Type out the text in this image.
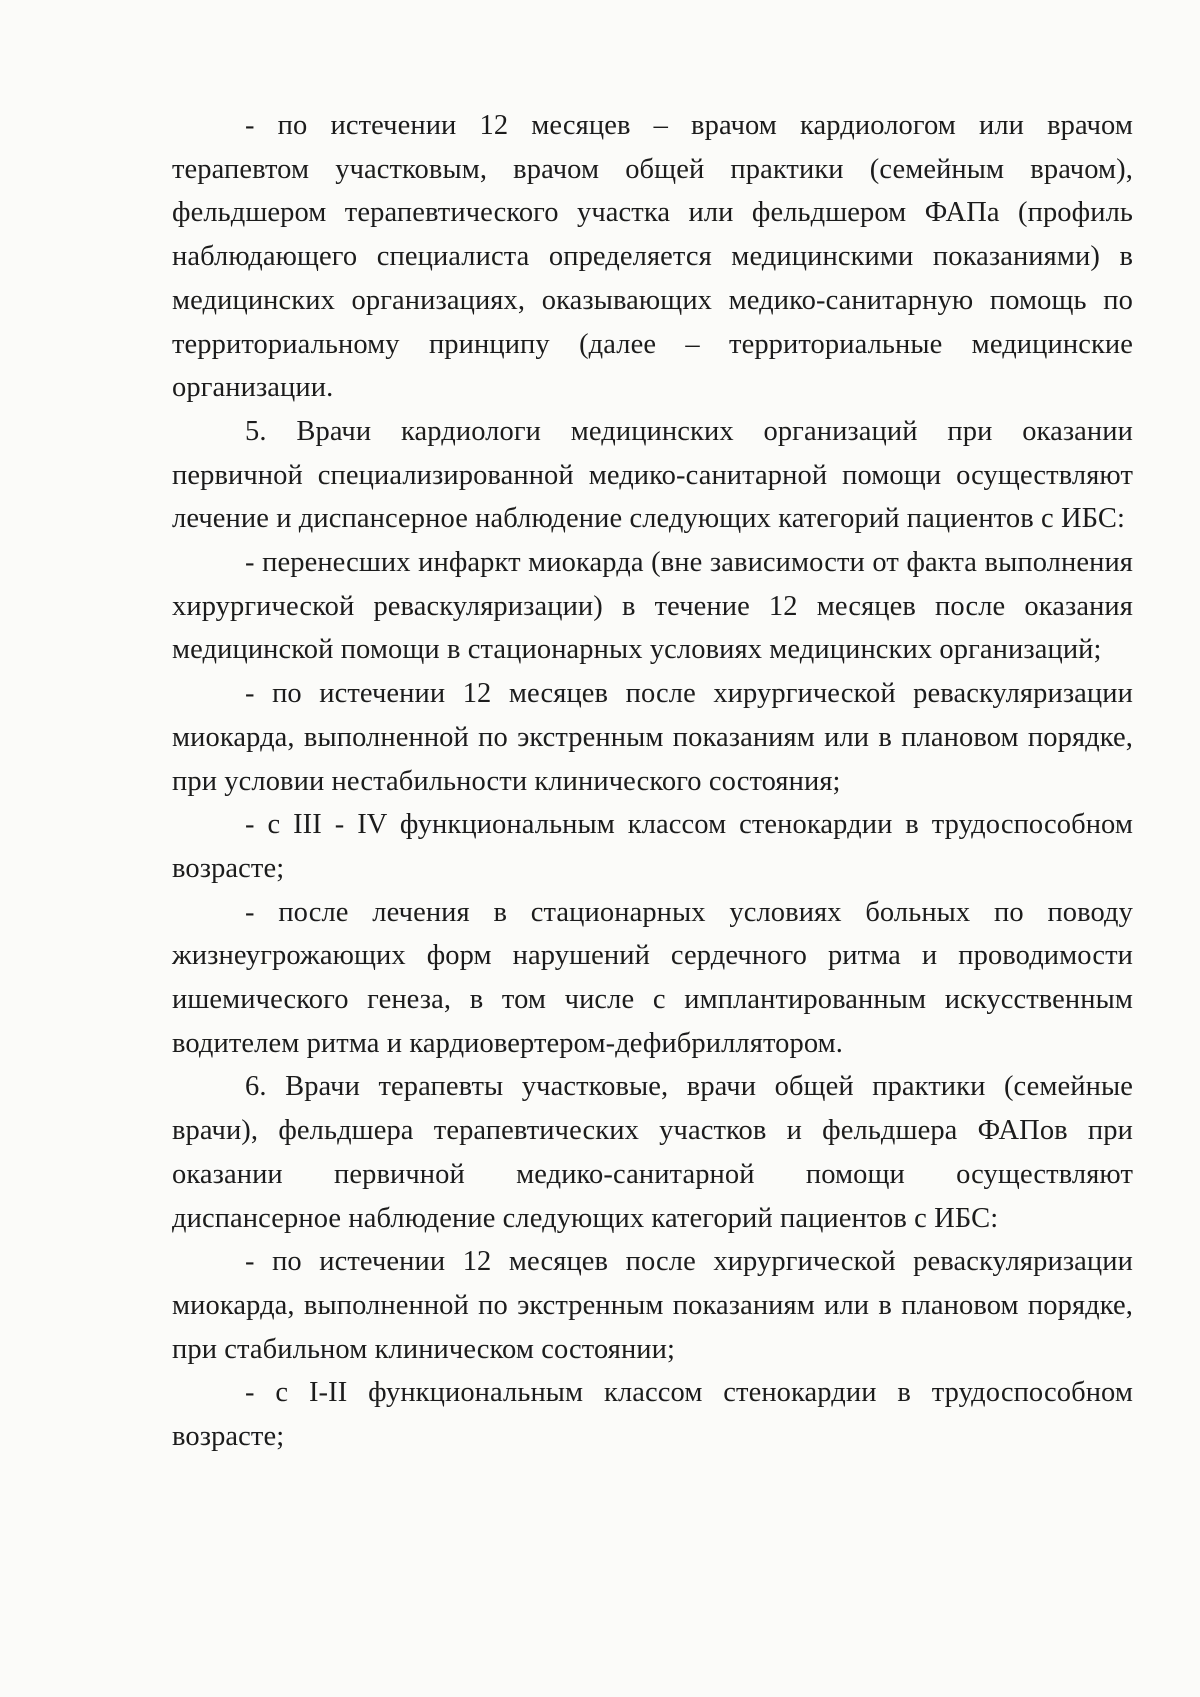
- по истечении 12 месяцев – врачом кардиологом или врачом терапевтом участковым, врачом общей практики (семейным врачом), фельдшером терапевтического участка или фельдшером ФАПа (профиль наблюдающего специалиста определяется медицинскими показаниями) в медицинских организациях, оказывающих медико-санитарную помощь по территориальному принципу (далее – территориальные медицинские организации.

5. Врачи кардиологи медицинских организаций при оказании первичной специализированной медико-санитарной помощи осуществляют лечение и диспансерное наблюдение следующих категорий пациентов с ИБС:

- перенесших инфаркт миокарда (вне зависимости от факта выполнения хирургической реваскуляризации) в течение 12 месяцев после оказания медицинской помощи в стационарных условиях медицинских организаций;

- по истечении 12 месяцев после хирургической реваскуляризации миокарда, выполненной по экстренным показаниям или в плановом порядке, при условии нестабильности клинического состояния;

- с III - IV функциональным классом стенокардии в трудоспособном возрасте;

- после лечения в стационарных условиях больных по поводу жизнеугрожающих форм нарушений сердечного ритма и проводимости ишемического генеза, в том числе с имплантированным искусственным водителем ритма и кардиовертером-дефибриллятором.

6. Врачи терапевты участковые, врачи общей практики (семейные врачи), фельдшера терапевтических участков и фельдшера ФАПов при оказании первичной медико-санитарной помощи осуществляют диспансерное наблюдение следующих категорий пациентов с ИБС:

- по истечении 12 месяцев после хирургической реваскуляризации миокарда, выполненной по экстренным показаниям или в плановом порядке, при стабильном клиническом состоянии;

- с I-II функциональным классом стенокардии в трудоспособном возрасте;
